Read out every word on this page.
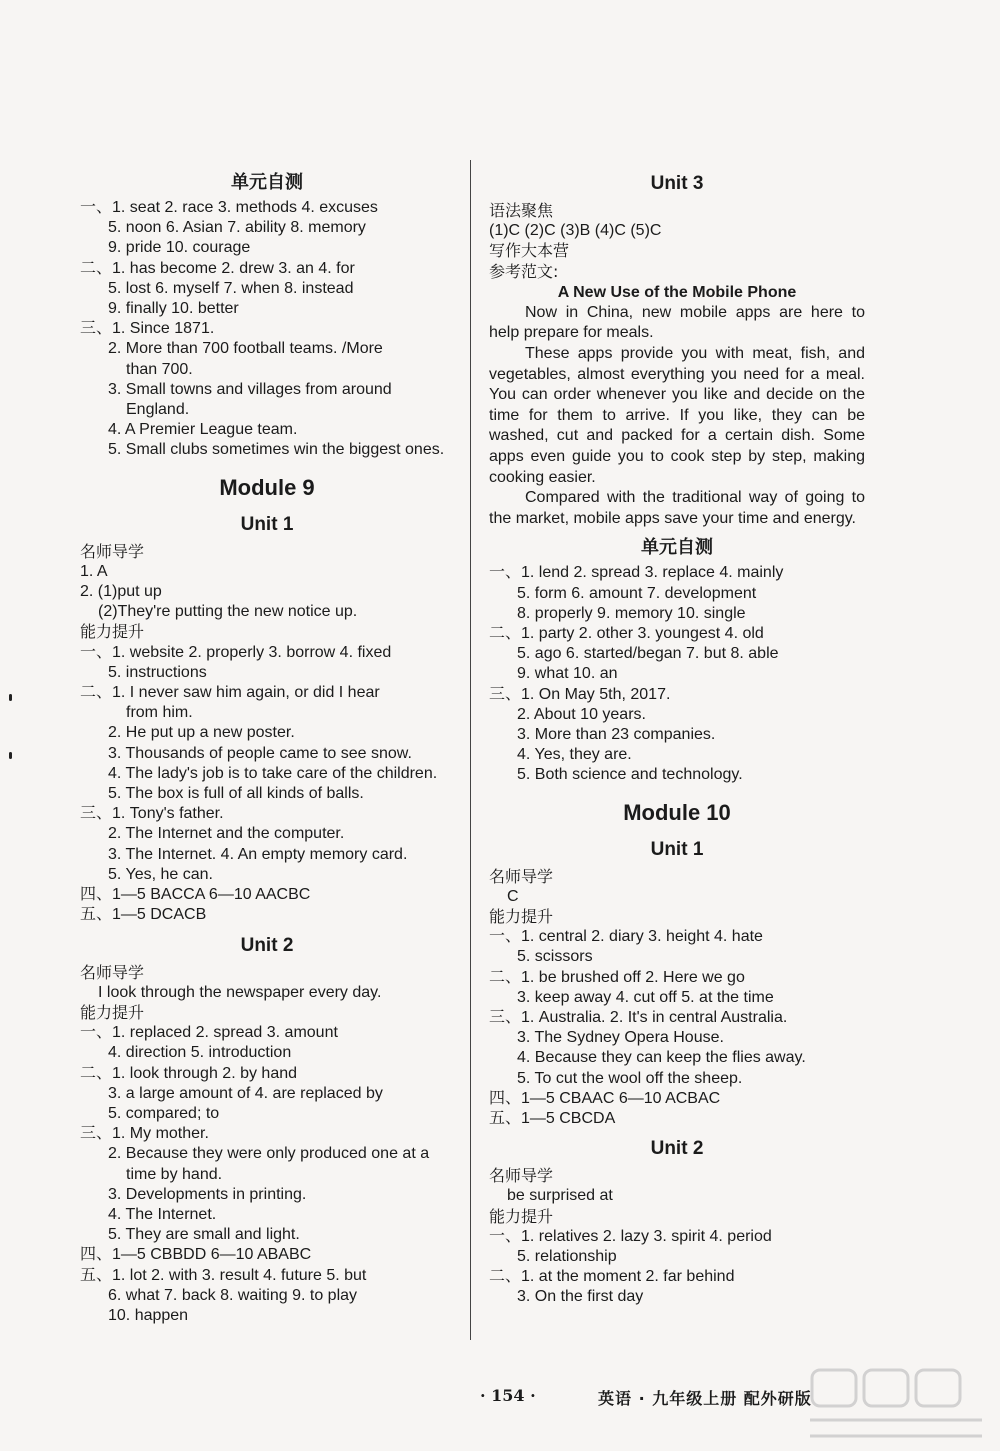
单元自测
一、1. seat 2. race 3. methods 4. excuses
5. noon 6. Asian 7. ability 8. memory
9. pride 10. courage
二、1. has become 2. drew 3. an 4. for
5. lost 6. myself 7. when 8. instead
9. finally 10. better
三、1. Since 1871.
2. More than 700 football teams. /More
than 700.
3. Small towns and villages from around
England.
4. A Premier League team.
5. Small clubs sometimes win the biggest ones.
Module 9
Unit 1
名师导学
1. A
2. (1)put up
(2)They're putting the new notice up.
能力提升
一、1. website 2. properly 3. borrow 4. fixed
5. instructions
二、1. I never saw him again, or did I hear
from him.
2. He put up a new poster.
3. Thousands of people came to see snow.
4. The lady's job is to take care of the children.
5. The box is full of all kinds of balls.
三、1. Tony's father.
2. The Internet and the computer.
3. The Internet. 4. An empty memory card.
5. Yes, he can.
四、1—5 BACCA 6—10 AACBC
五、1—5 DCACB
Unit 2
名师导学
I look through the newspaper every day.
能力提升
一、1. replaced 2. spread 3. amount
4. direction 5. introduction
二、1. look through 2. by hand
3. a large amount of 4. are replaced by
5. compared; to
三、1. My mother.
2. Because they were only produced one at a
time by hand.
3. Developments in printing.
4. The Internet.
5. They are small and light.
四、1—5 CBBDD 6—10 ABABC
五、1. lot 2. with 3. result 4. future 5. but
6. what 7. back 8. waiting 9. to play
10. happen
Unit 3
语法聚焦
(1)C (2)C (3)B (4)C (5)C
写作大本营
参考范文:
A New Use of the Mobile Phone
Now in China, new mobile apps are here to help prepare for meals.
These apps provide you with meat, fish, and vegetables, almost everything you need for a meal. You can order whenever you like and decide on the time for them to arrive. If you like, they can be washed, cut and packed for a certain dish. Some apps even guide you to cook step by step, making cooking easier.
Compared with the traditional way of going to the market, mobile apps save your time and energy.
单元自测
一、1. lend 2. spread 3. replace 4. mainly
5. form 6. amount 7. development
8. properly 9. memory 10. single
二、1. party 2. other 3. youngest 4. old
5. ago 6. started/began 7. but 8. able
9. what 10. an
三、1. On May 5th, 2017.
2. About 10 years.
3. More than 23 companies.
4. Yes, they are.
5. Both science and technology.
Module 10
Unit 1
名师导学
C
能力提升
一、1. central 2. diary 3. height 4. hate
5. scissors
二、1. be brushed off 2. Here we go
3. keep away 4. cut off 5. at the time
三、1. Australia. 2. It's in central Australia.
3. The Sydney Opera House.
4. Because they can keep the flies away.
5. To cut the wool off the sheep.
四、1—5 CBAAC 6—10 ACBAC
五、1—5 CBCDA
Unit 2
名师导学
be surprised at
能力提升
一、1. relatives 2. lazy 3. spirit 4. period
5. relationship
二、1. at the moment 2. far behind
3. On the first day
· 154 ·	英语 · 九年级上册 配外研版
